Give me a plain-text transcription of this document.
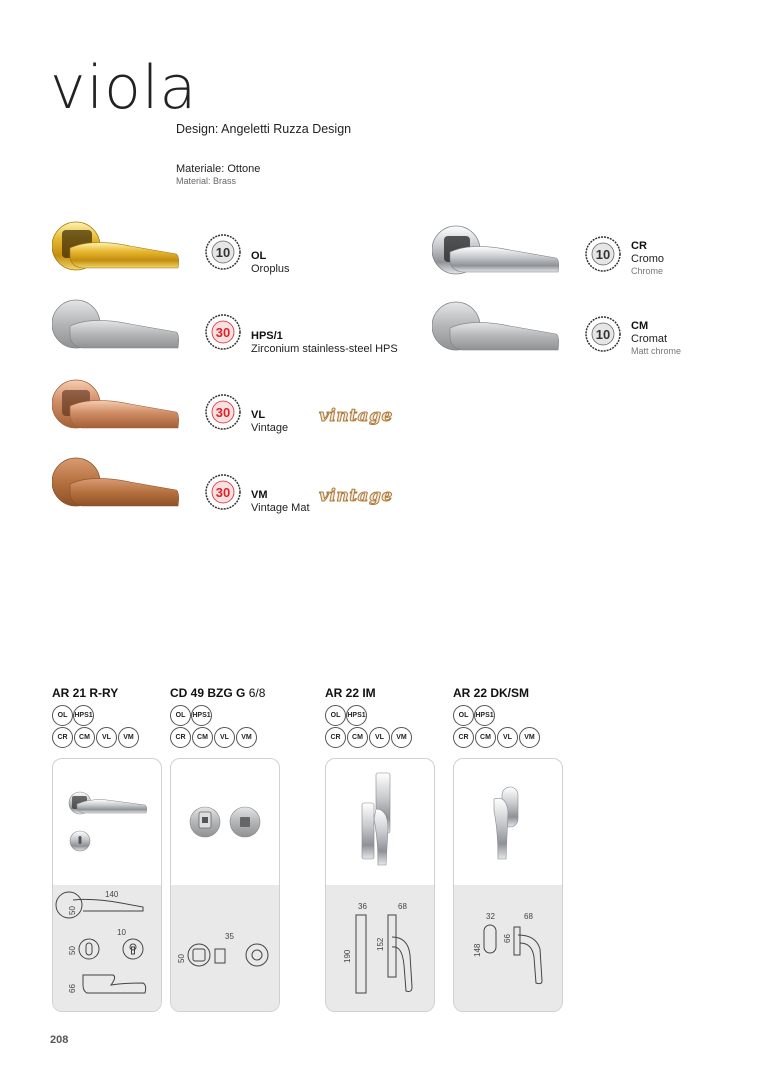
viola
Design: Angeletti Ruzza Design
Materiale: Ottone
Material: Brass
10 OL
Oroplus
30 HPS/1
Zirconium stainless-steel HPS
30 VL
Vintage
vintage
30 VM
Vintage Mat
vintage
10
CR
Cromo
Chrome
10
CM
Cromat
Matt chrome
AR 21 R-RY	CD 49 BZG G 6/8	AR 22 IM	AR 22 DK/SM
OL HPS1
CR	CM	VL	VM
OL HPS1
CR	CM	VL	VM
OL HPS1
CR	CM	VL	VM
OL HPS1
CR	CM	VL	VM
140
50
10
50
66
35
50
36	68
190
152
32	68
148
66
208
